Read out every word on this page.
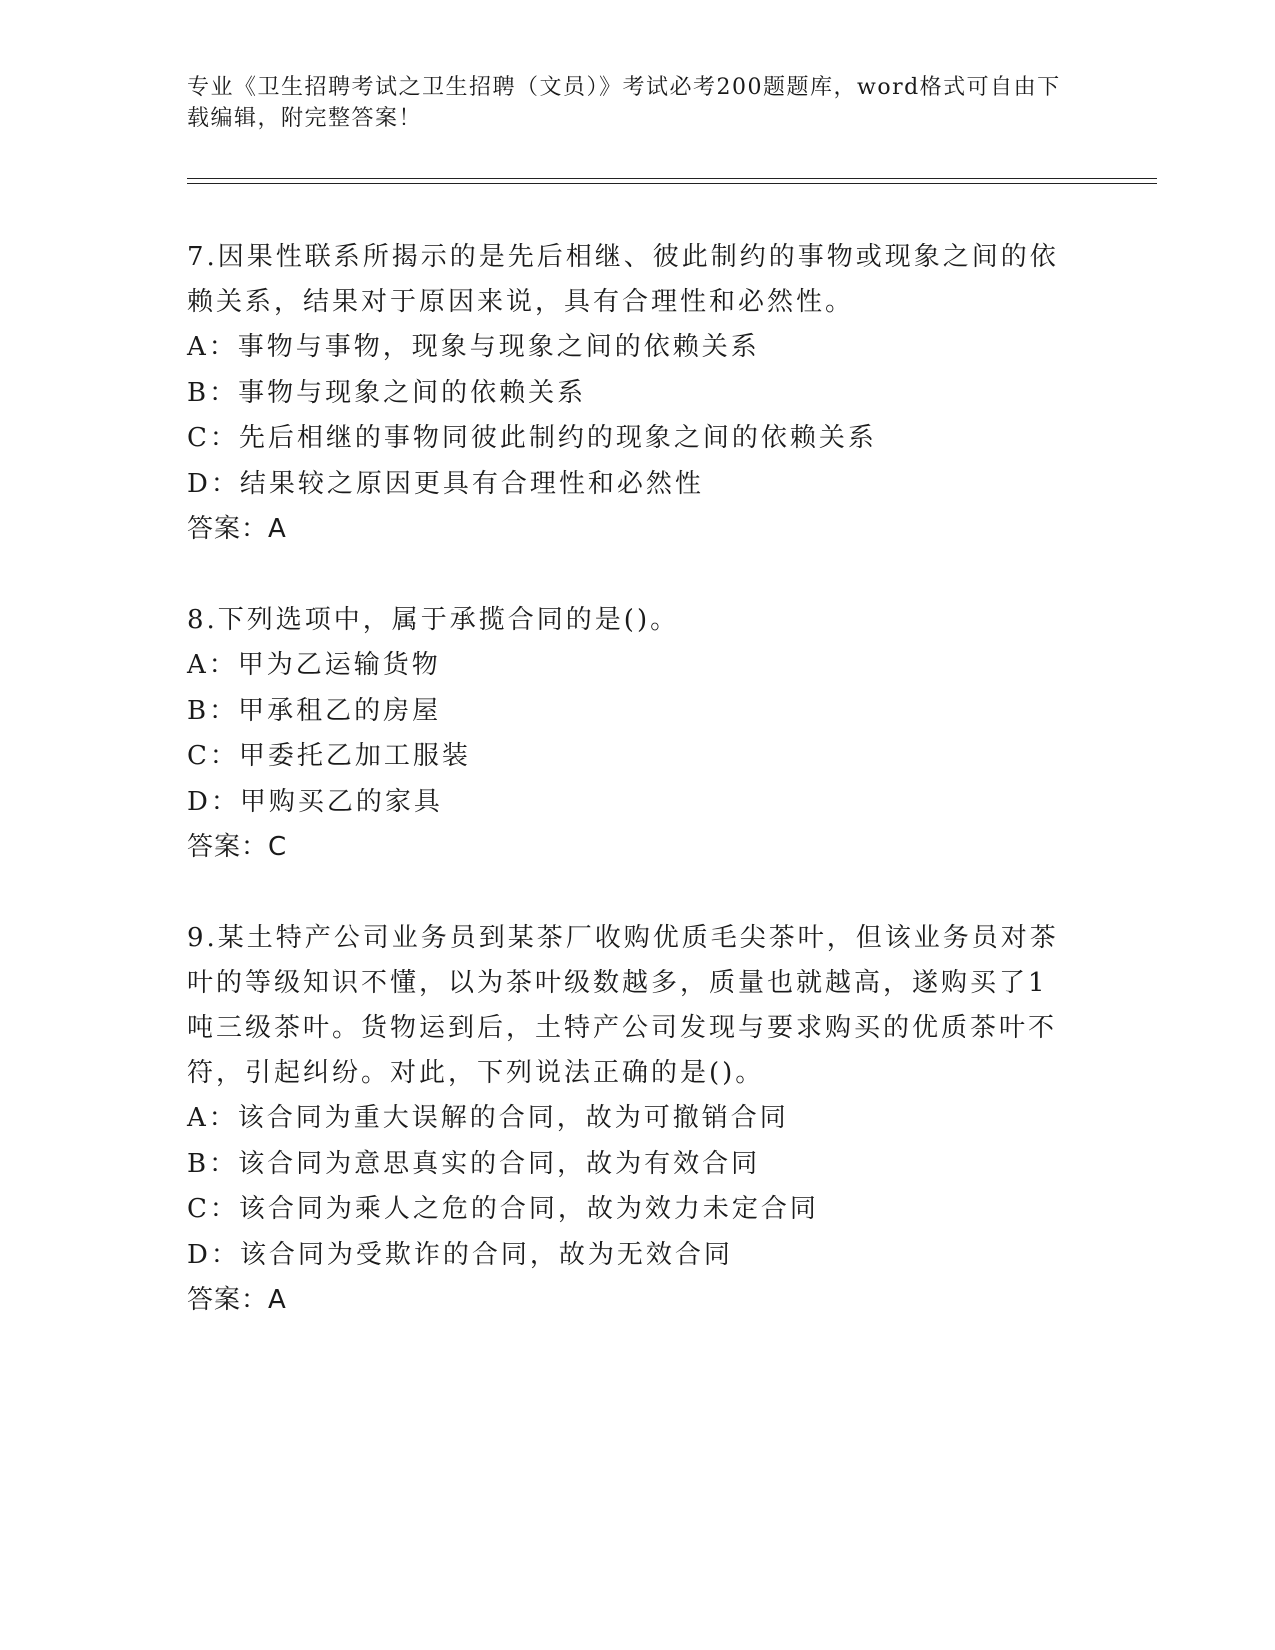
专业《卫生招聘考试之卫生招聘（文员）》考试必考200题题库，word格式可自由下载编辑，附完整答案！

7.因果性联系所揭示的是先后相继、彼此制约的事物或现象之间的依赖关系，结果对于原因来说，具有合理性和必然性。

A：事物与事物，现象与现象之间的依赖关系

B：事物与现象之间的依赖关系

C：先后相继的事物同彼此制约的现象之间的依赖关系

D：结果较之原因更具有合理性和必然性

答案：A

8.下列选项中，属于承揽合同的是()。

A：甲为乙运输货物

B：甲承租乙的房屋

C：甲委托乙加工服装

D：甲购买乙的家具

答案：C

9.某土特产公司业务员到某茶厂收购优质毛尖茶叶，但该业务员对茶叶的等级知识不懂，以为茶叶级数越多，质量也就越高，遂购买了1吨三级茶叶。货物运到后，土特产公司发现与要求购买的优质茶叶不符，引起纠纷。对此，下列说法正确的是()。

A：该合同为重大误解的合同，故为可撤销合同

B：该合同为意思真实的合同，故为有效合同

C：该合同为乘人之危的合同，故为效力未定合同

D：该合同为受欺诈的合同，故为无效合同

答案：A
